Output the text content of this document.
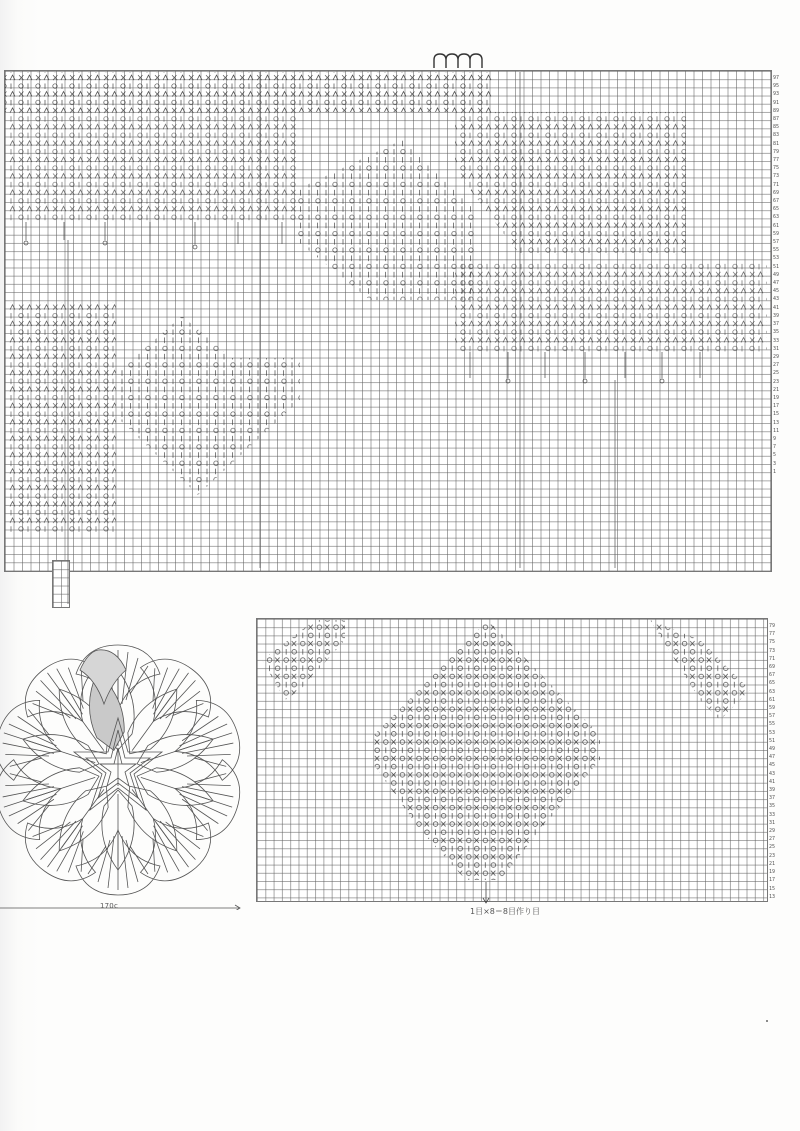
97
95
93
91
89
87
85
83
81
79
77
75
73
71
69
67
65
63
61
59
57
55
53
51
49
47
45
43
41
39
37
35
33
31
29
27
25
23
21
19
17
15
13
11
9
7
5
3
1
170c
79
77
75
73
71
69
67
65
63
61
59
57
55
53
51
49
47
45
43
41
39
37
35
33
31
29
27
25
23
21
19
17
15
13
1目×8＝8目作り目
